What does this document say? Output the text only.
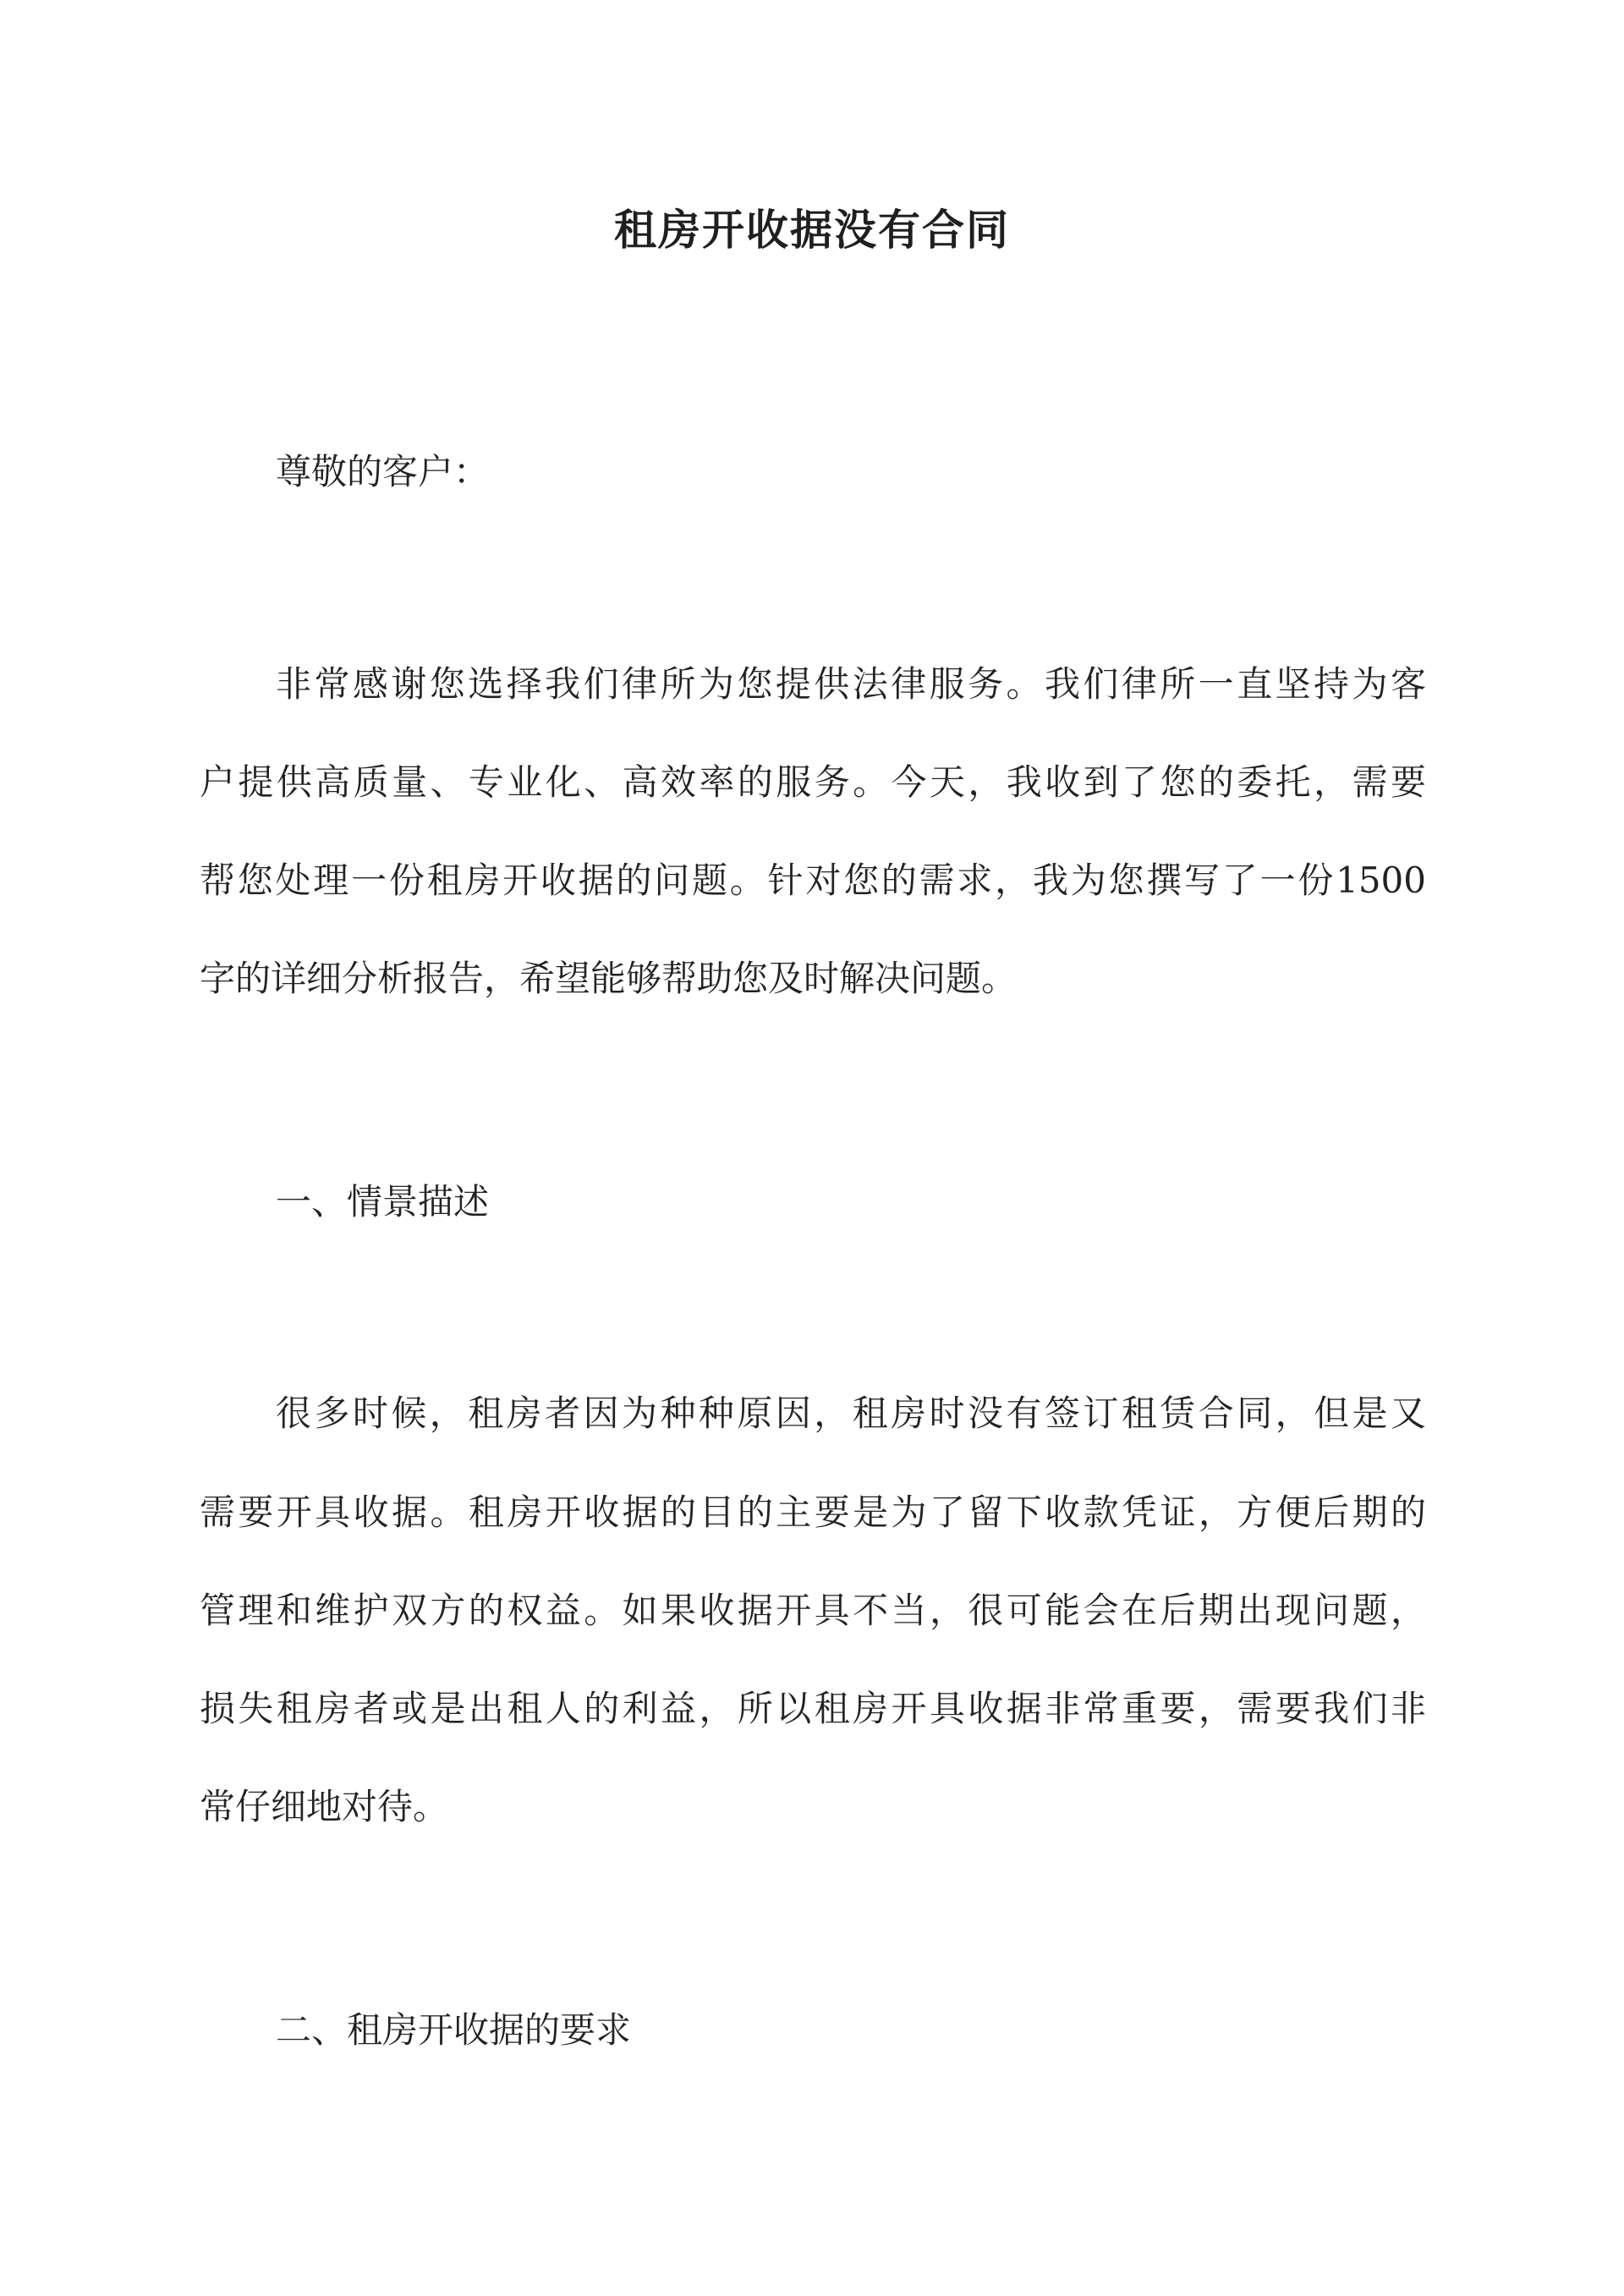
租房开收据没有合同
尊敬的客户：
非常感谢您选择我们律所为您提供法律服务。我们律所一直坚持为客
户提供高质量、专业化、高效率的服务。今天，我收到了您的委托，需要
帮您处理一份租房开收据的问题。针对您的需求，我为您撰写了一份1500
字的详细分析报告，希望能够帮助您及时解决问题。
一、情景描述
很多时候，租房者因为种种原因，租房时没有签订租赁合同，但是又
需要开具收据。租房开收据的目的主要是为了留下收款凭证，方便后期的
管理和维护双方的权益。如果收据开具不当，很可能会在后期出现问题，
损失租房者或是出租人的利益，所以租房开具收据非常重要，需要我们非
常仔细地对待。
二、租房开收据的要求
